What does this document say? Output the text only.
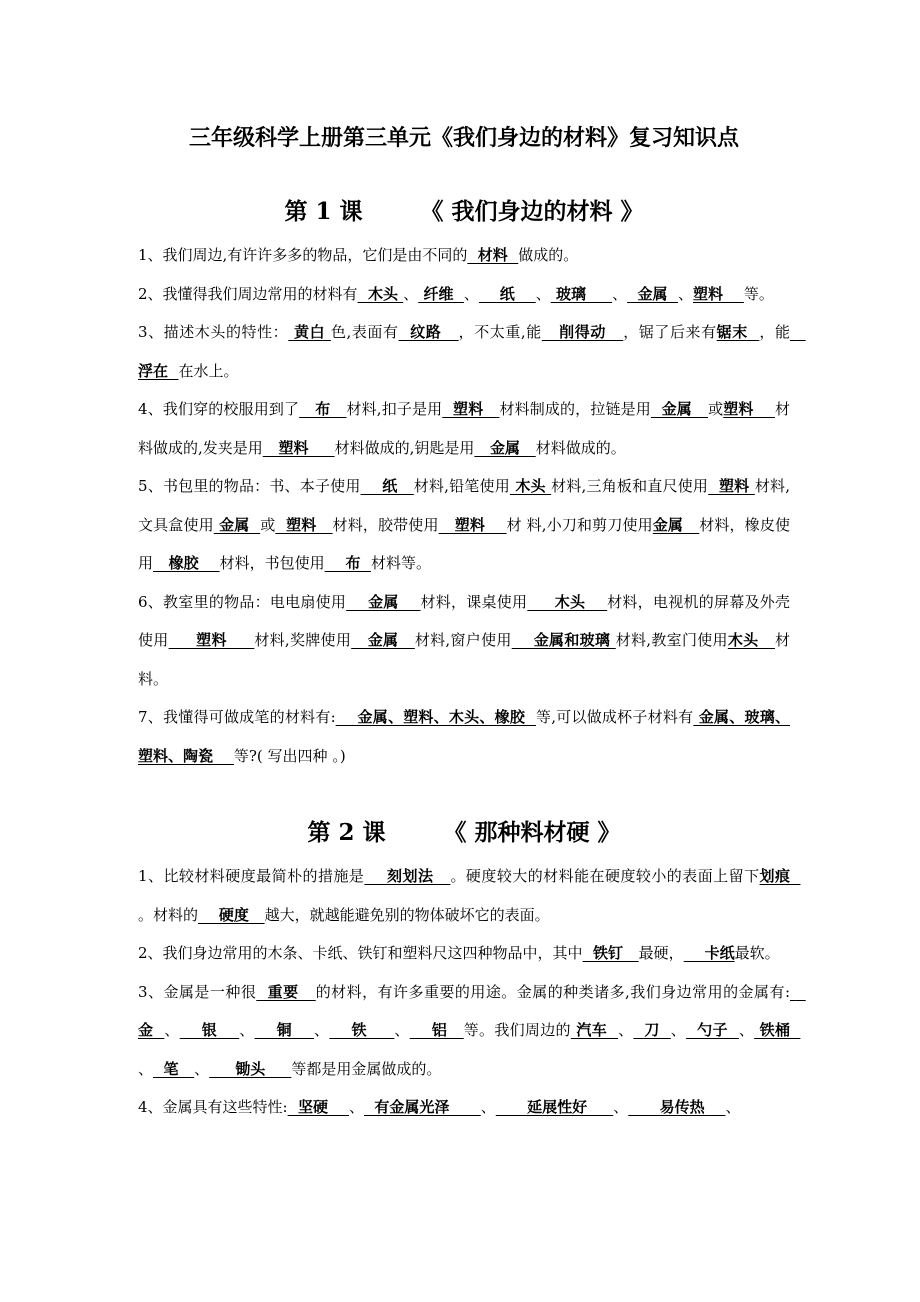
三年级科学上册第三单元《我们身边的材料》复习知识点
第 1 课	《 我们身边的材料 》

1、我们周边,有许许多多的物品，它们是由不同的  材料  做成的。

2、我懂得我们周边常用的材料有  木头 、 纤维  、    纸    、 玻璃     、  金属  、塑料    等。

3、描述木头的特性： 黄白 色,表面有  纹路   ，不太重,能   削得动   ，锯了后来有锯末  ，能   浮在  在水上。

4、我们穿的校服用到了   布   材料,扣子是用  塑料   材料制成的，拉链是用  金属   或塑料    材料做成的,发夹是用   塑料     材料做成的,钥匙是用   金属   材料做成的。

5、书包里的物品：书、本子使用    纸   材料,铅笔使用 木头 材料,三角板和直尺使用  塑料 材料,文具盒使用 金属  或  塑料   材料，胶带使用   塑料    材 料,小刀和剪刀使用金属   材料，橡皮使用   橡胶    材料，书包使用    布  材料等。

6、教室里的物品：电电扇使用    金属    材料，课桌使用     木头    材料，电视机的屏幕及外壳使用     塑料     材料,奖牌使用   金属   材料,窗户使用    金属和玻璃 材料,教室门使用木头   材料。

7、我懂得可做成笔的材料有:    金属、塑料、木头、橡胶  等,可以做成杯子材料有 金属、玻璃、塑料、陶瓷    等?( 写出四种 。)

第 2 课	《 那种料材硬 》

1、比较材料硬度最简朴的措施是    刻划法   。硬度较大的材料能在硬度较小的表面上留下划痕  。材料的    硬度   越大，就越能避免别的物体破坏它的表面。

2、我们身边常用的木条、卡纸、铁钉和塑料尺这四种物品中，其中  铁钉   最硬，    卡纸最软。

3、金属是一种很  重要   的材料，有许多重要的用途。金属的种类诸多,我们身边常用的金属有:   金  、    银    、    铜    、    铁     、    铝   等。我们周边的 汽车  、  刀  、  勺子  、 铁桶  、  笔   、     锄头     等都是用金属做成的。

4、金属具有这些特性:  坚硬    、  有金属光泽      、      延展性好     、      易传热    、
